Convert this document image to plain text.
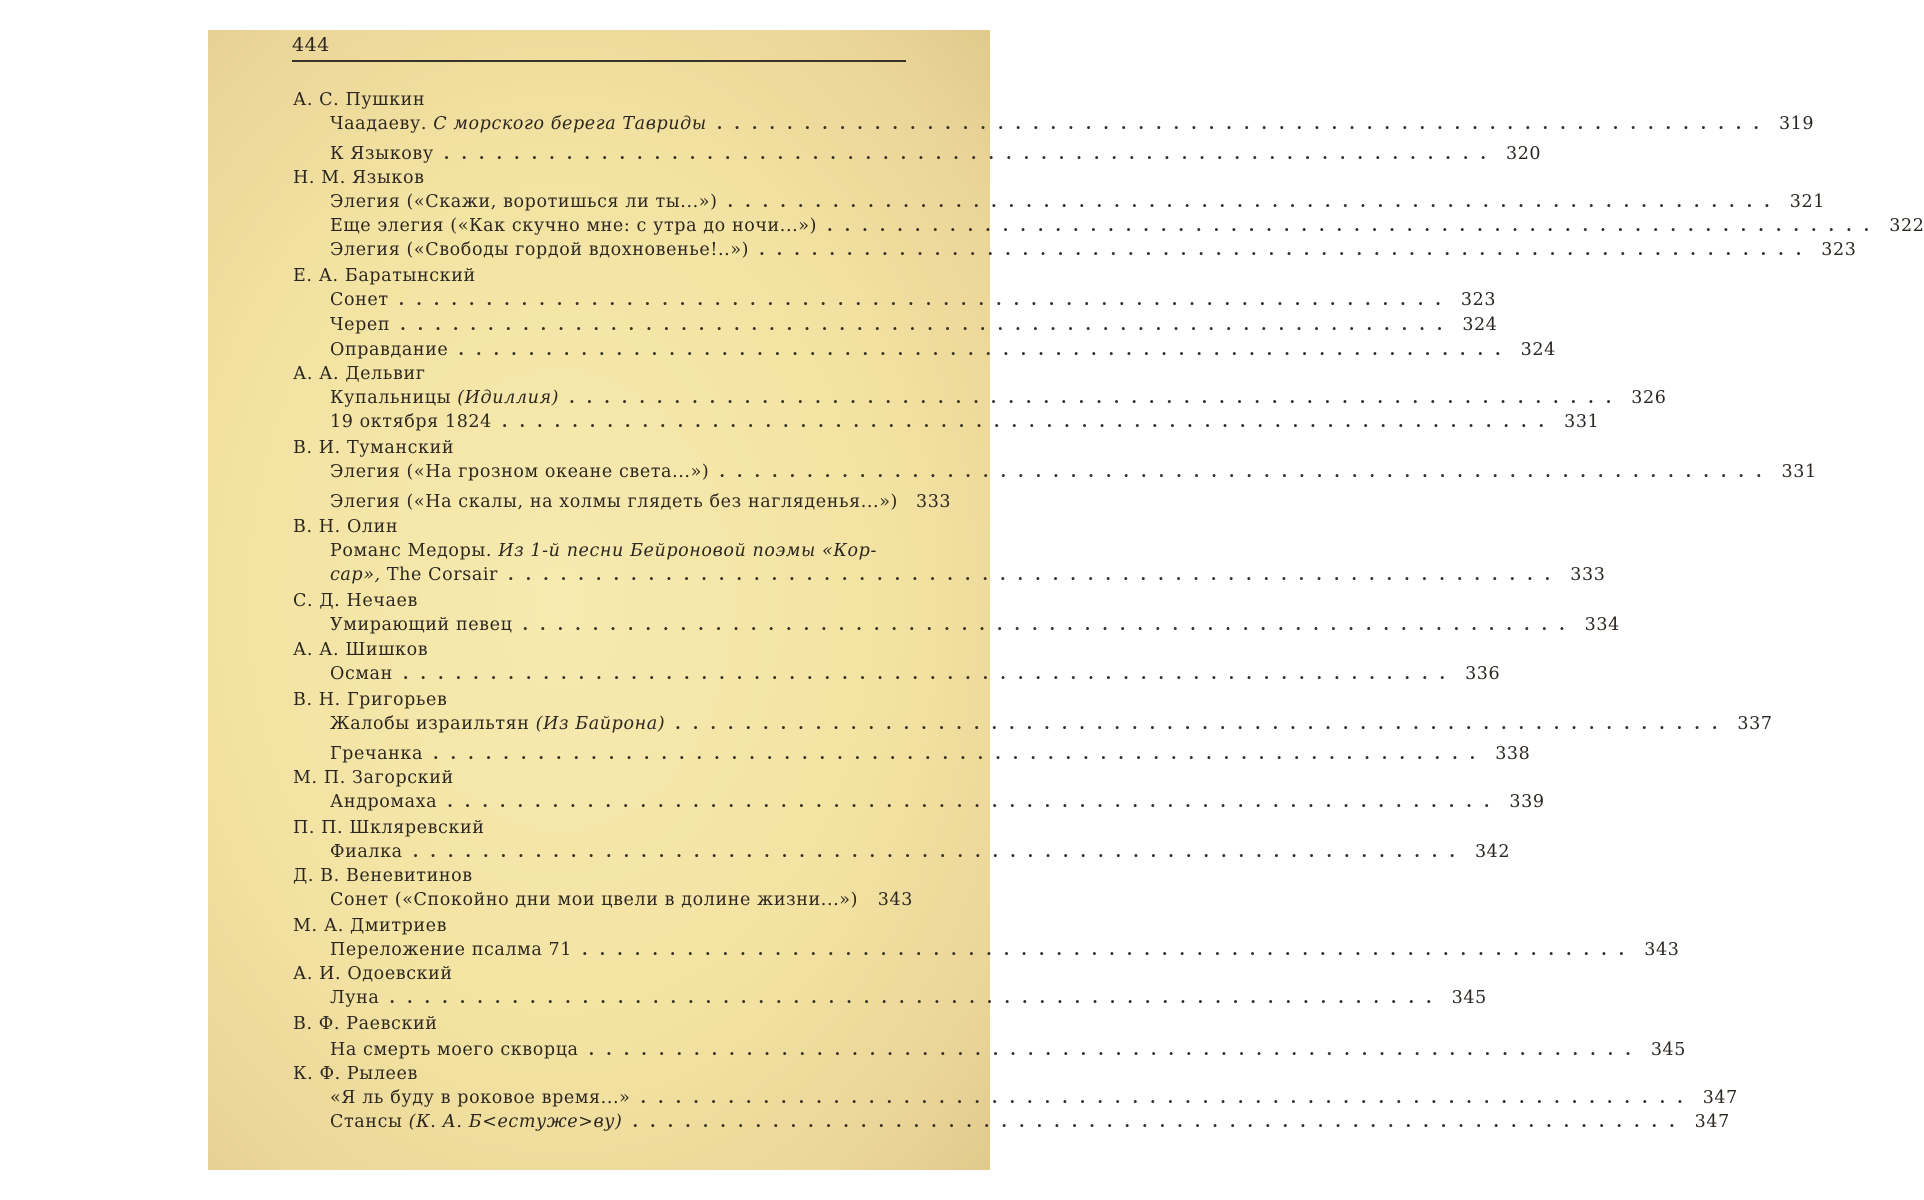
444
А. С. Пушкин
Чаадаеву. С морского берега Тавриды ............................................................ 319
К Языкову ............................................................ 320
Н. М. Языков
Элегия («Скажи, воротишься ли ты...») ............................................................ 321
Еще элегия («Как скучно мне: с утра до ночи...») ............................................................ 322
Элегия («Свободы гордой вдохновенье!..») ............................................................ 323
Е. А. Баратынский
Сонет ............................................................ 323
Череп ............................................................ 324
Оправдание ............................................................ 324
А. А. Дельвиг
Купальницы (Идиллия) ............................................................ 326
19 октября 1824 ............................................................ 331
В. И. Туманский
Элегия («На грозном океане света...») ............................................................ 331
Элегия («На скалы, на холмы глядеть без нагляденья...») 333
В. Н. Олин
Романс Медоры. Из 1-й песни Бейроновой поэмы «Кор-
сар», The Corsair ............................................................ 333
С. Д. Нечаев
Умирающий певец ............................................................ 334
А. А. Шишков
Осман ............................................................ 336
В. Н. Григорьев
Жалобы израильтян (Из Байрона) ............................................................ 337
Гречанка ............................................................ 338
М. П. Загорский
Андромаха ............................................................ 339
П. П. Шкляревский
Фиалка ............................................................ 342
Д. В. Веневитинов
Сонет («Спокойно дни мои цвели в долине жизни...») 343
М. А. Дмитриев
Переложение псалма 71 ............................................................ 343
А. И. Одоевский
Луна ............................................................ 345
В. Ф. Раевский
На смерть моего скворца ............................................................ 345
К. Ф. Рылеев
«Я ль буду в роковое время...» ............................................................ 347
Стансы (К. А. Б<естуже>ву) ............................................................ 347
